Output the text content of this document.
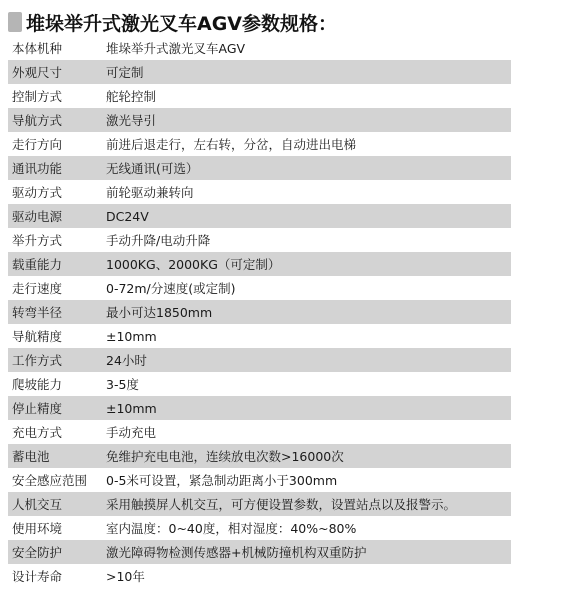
堆垛举升式激光叉车AGV参数规格：
本体机种	堆垛举升式激光叉车AGV
外观尺寸	可定制
控制方式	舵轮控制
导航方式	激光导引
走行方向	前进后退走行，左右转，分岔，自动进出电梯
通讯功能	无线通讯(可选）
驱动方式	前轮驱动兼转向
驱动电源	DC24V
举升方式	手动升降/电动升降
载重能力	1000KG、2000KG（可定制）
走行速度	0-72m/分速度(或定制)
转弯半径	最小可达1850mm
导航精度	±10mm
工作方式	24小时
爬坡能力	3-5度
停止精度	±10mm
充电方式	手动充电
蓄电池	免维护充电电池，连续放电次数>16000次
安全感应范围	0-5米可设置，紧急制动距离小于300mm
人机交互	采用触摸屏人机交互，可方便设置参数，设置站点以及报警示。
使用环境	室内温度：0~40度，相对湿度：40%~80%
安全防护	激光障碍物检测传感器+机械防撞机构双重防护
设计寿命	>10年
